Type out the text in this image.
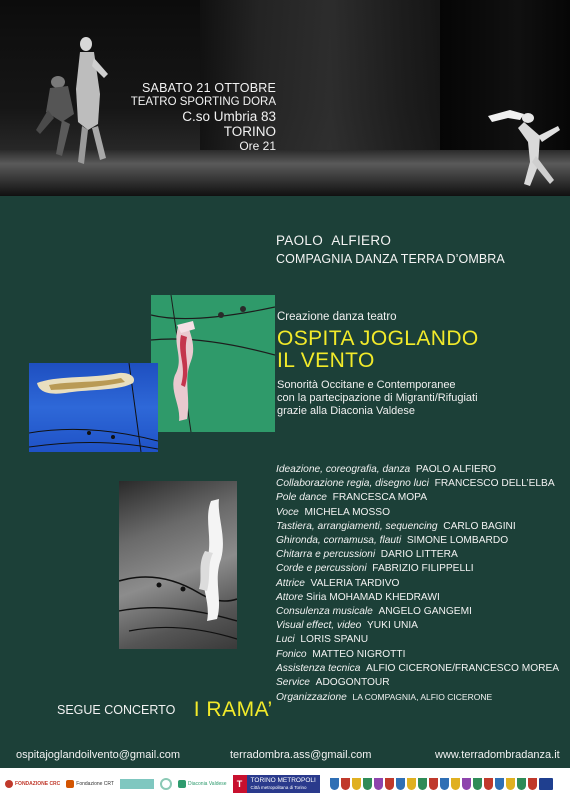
SABATO 21 OTTOBRE
TEATRO SPORTING DORA
C.so Umbria 83
TORINO
Ore 21
PAOLO ALFIERO
COMPAGNIA DANZA TERRA D’OMBRA
Creazione danza teatro
OSPITA JOGLANDO
IL VENTO
Sonorità Occitane e Contemporanee
con la partecipazione di Migranti/Rifugiati
grazie alla Diaconia Valdese
Ideazione, coreografia, danza PAOLO ALFIERO
Collaborazione regia, disegno luci FRANCESCO DELL’ELBA
Pole dance FRANCESCA MOPA
Voce MICHELA MOSSO
Tastiera, arrangiamenti, sequencing CARLO BAGINI
Ghironda, cornamusa, flauti SIMONE LOMBARDO
Chitarra e percussioni DARIO LITTERA
Corde e percussioni FABRIZIO FILIPPELLI
Attrice VALERIA TARDIVO
Attore Siria MOHAMAD KHEDRAWI
Consulenza musicale ANGELO GANGEMI
Visual effect, video YUKI UNIA
Luci LORIS SPANU
Fonico MATTEO NIGROTTI
Assistenza tecnica ALFIO CICERONE/FRANCESCO MOREA
Service ADOGONTOUR
Organizzazione LA COMPAGNIA, ALFIO CICERONE
SEGUE CONCERTO I RAMA’
ospitajoglandoilvento@gmail.com	terradombra.ass@gmail.com	www.terradombradanza.it
FONDAZIONE CRC	Fondazione CRT	Diaconia Valdese	T	TORINO METROPOLI
Città metropolitana di Torino
